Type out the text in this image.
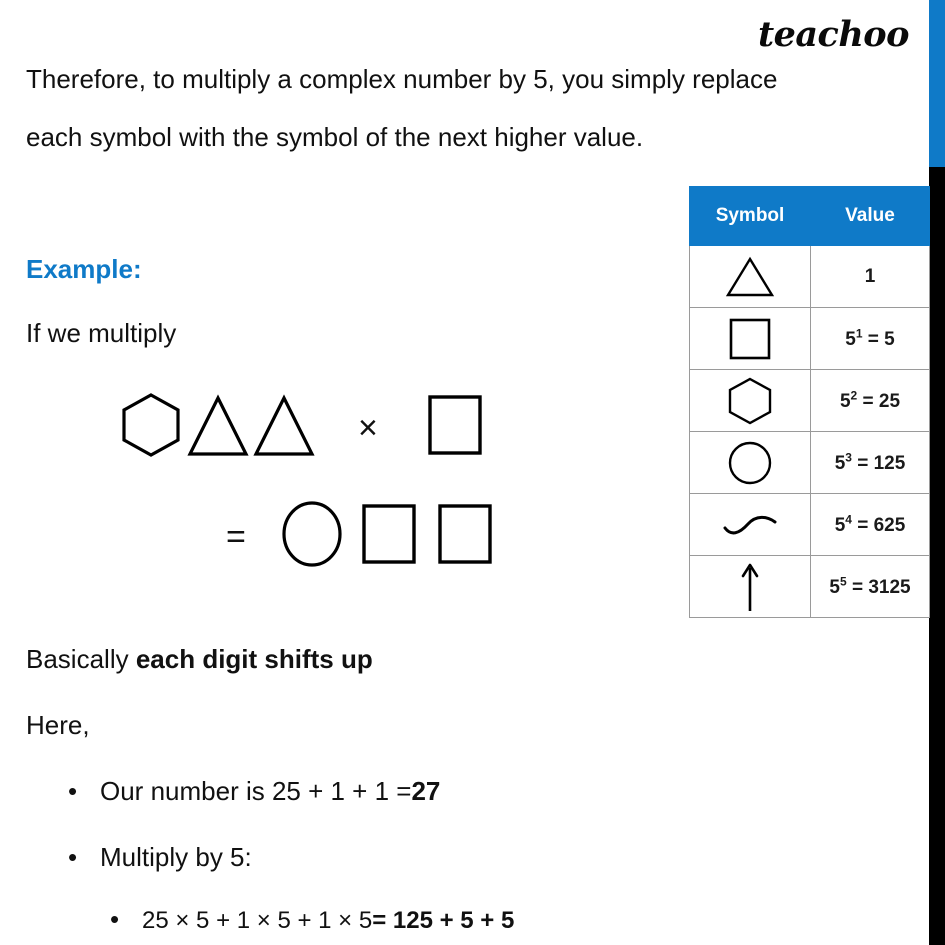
teachoo
Therefore, to multiply a complex number by 5, you simply replace
each symbol with the symbol of the next higher value.
Example:
If we multiply
×
=
Basically each digit shifts up
Here,
• Our number is 25 + 1 + 1 = 27
• Multiply by 5:
• 25 × 5 + 1 × 5 + 1 × 5 = 125 + 5 + 5
Symbol	Value

	1

	$5^1 = 5$

	$5^2 = 25$

	$5^3 = 125$

	$5^4 = 625$

	$5^5 = 3125$
